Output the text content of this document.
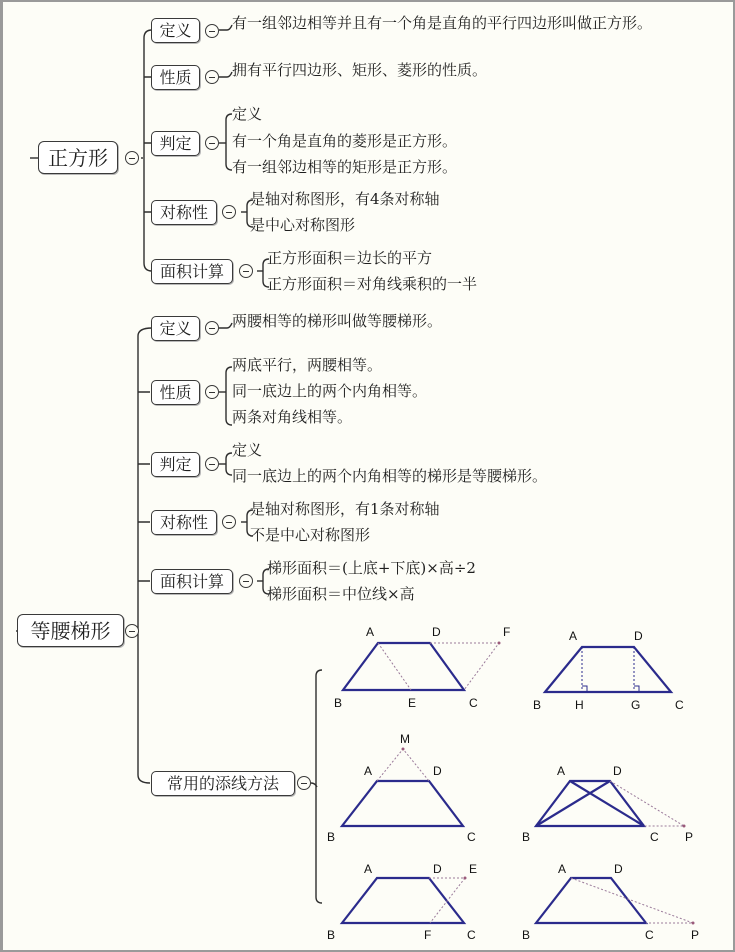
正方形
定义	有一组邻边相等并且有一个角是直角的平行四边形叫做正方形。
性质	拥有平行四边形、矩形、菱形的性质。
判定
定义
有一个角是直角的菱形是正方形。
有一组邻边相等的矩形是正方形。
对称性
是轴对称图形，有4条对称轴
是中心对称图形
面积计算
正方形面积＝边长的平方
正方形面积＝对角线乘积的一半
等腰梯形
定义	两腰相等的梯形叫做等腰梯形。
性质
两底平行，两腰相等。
同一底边上的两个内角相等。
两条对角线相等。
判定
定义
同一底边上的两个内角相等的梯形是等腰梯形。
对称性
是轴对称图形，有1条对称轴
不是中心对称图形
面积计算
梯形面积＝(上底+下底)×高÷2
梯形面积＝中位线×高
常用的添线方法
A	D	F
B	E	C
A	D
B	H	G	C
M
A	D
B	C
A	D
B	C P
A	D E
B	F	C
A	D
B	C	P
